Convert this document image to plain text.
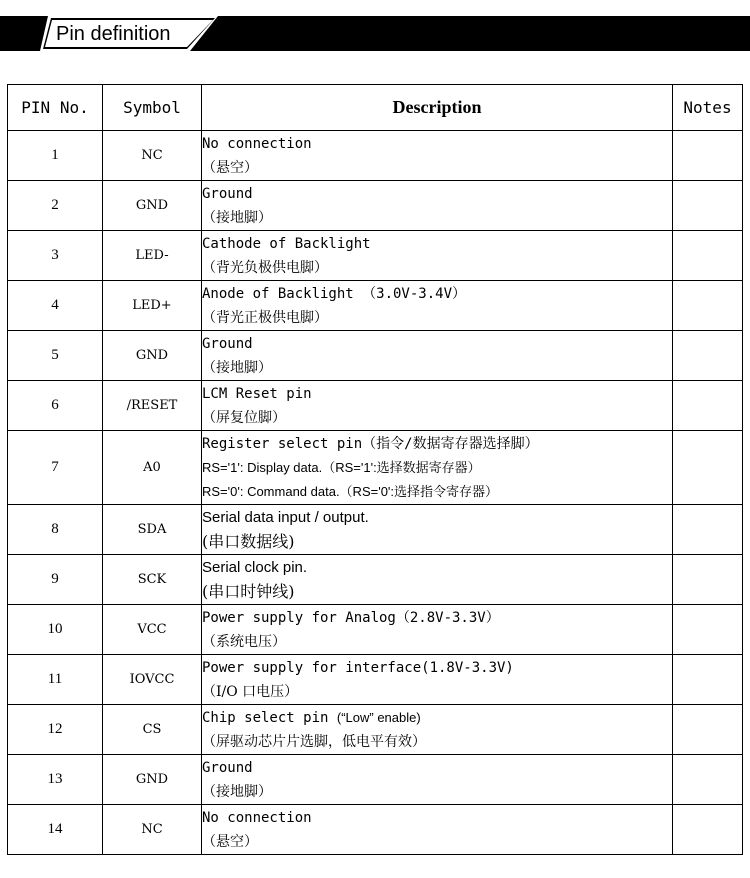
Pin definition
PIN No.	Symbol	Description	Notes
1	NC	No connection
（悬空）	

2	GND	Ground
（接地脚）	

3	LED-	Cathode of Backlight
（背光负极供电脚）	

4	LED+	Anode of Backlight （3.0V-3.4V）
（背光正极供电脚）	

5	GND	Ground
（接地脚）	

6	/RESET	LCM Reset pin
（屏复位脚）	

7	A0	Register select pin（指令/数据寄存器选择脚）
RS='1': Display data.（RS='1':选择数据寄存器）
RS='0': Command data.（RS='0':选择指令寄存器）	

8	SDA	Serial data input / output.
(串口数据线)	

9	SCK	Serial clock pin.
(串口时钟线)	

10	VCC	Power supply for Analog（2.8V-3.3V）
（系统电压）	

11	IOVCC	Power supply for interface(1.8V-3.3V)
（I/O 口电压）	

12	CS	Chip select pin (“Low” enable)
（屏驱动芯片片选脚，低电平有效）	

13	GND	Ground
（接地脚）	

14	NC	No connection
（悬空）	
